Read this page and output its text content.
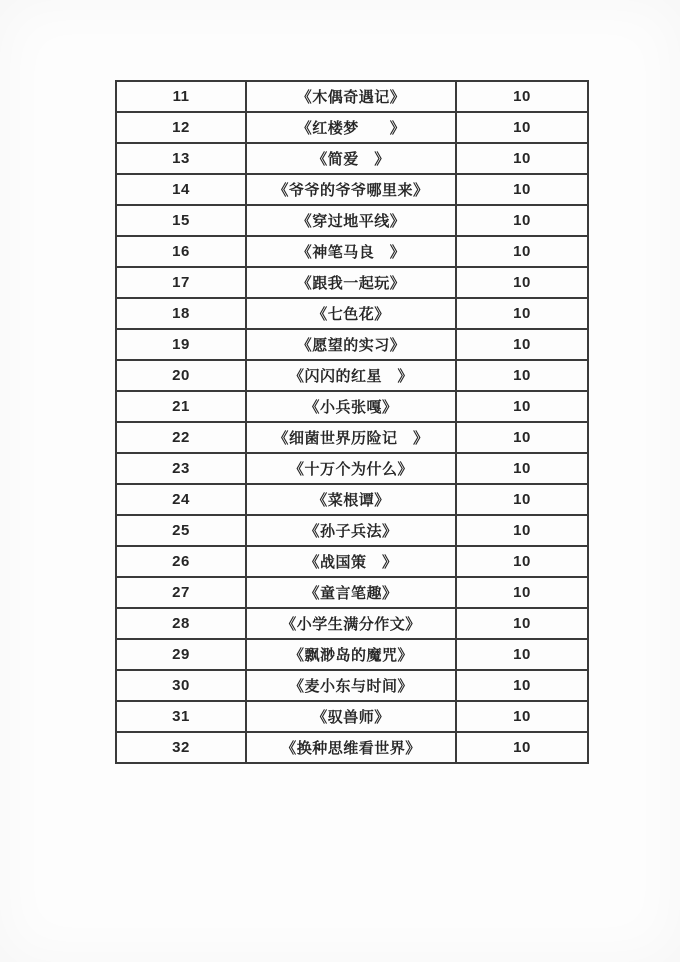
11	《木偶奇遇记》	10
12	《红楼梦　　》	10
13	《简爱　》	10
14	《爷爷的爷爷哪里来》	10
15	《穿过地平线》	10
16	《神笔马良　》	10
17	《跟我一起玩》	10
18	《七色花》	10
19	《愿望的实习》	10
20	《闪闪的红星　》	10
21	《小兵张嘎》	10
22	《细菌世界历险记　》	10
23	《十万个为什么》	10
24	《菜根谭》	10
25	《孙子兵法》	10
26	《战国策　》	10
27	《童言笔趣》	10
28	《小学生满分作文》	10
29	《飘渺岛的魔咒》	10
30	《麦小东与时间》	10
31	《驭兽师》	10
32	《换种思维看世界》	10
